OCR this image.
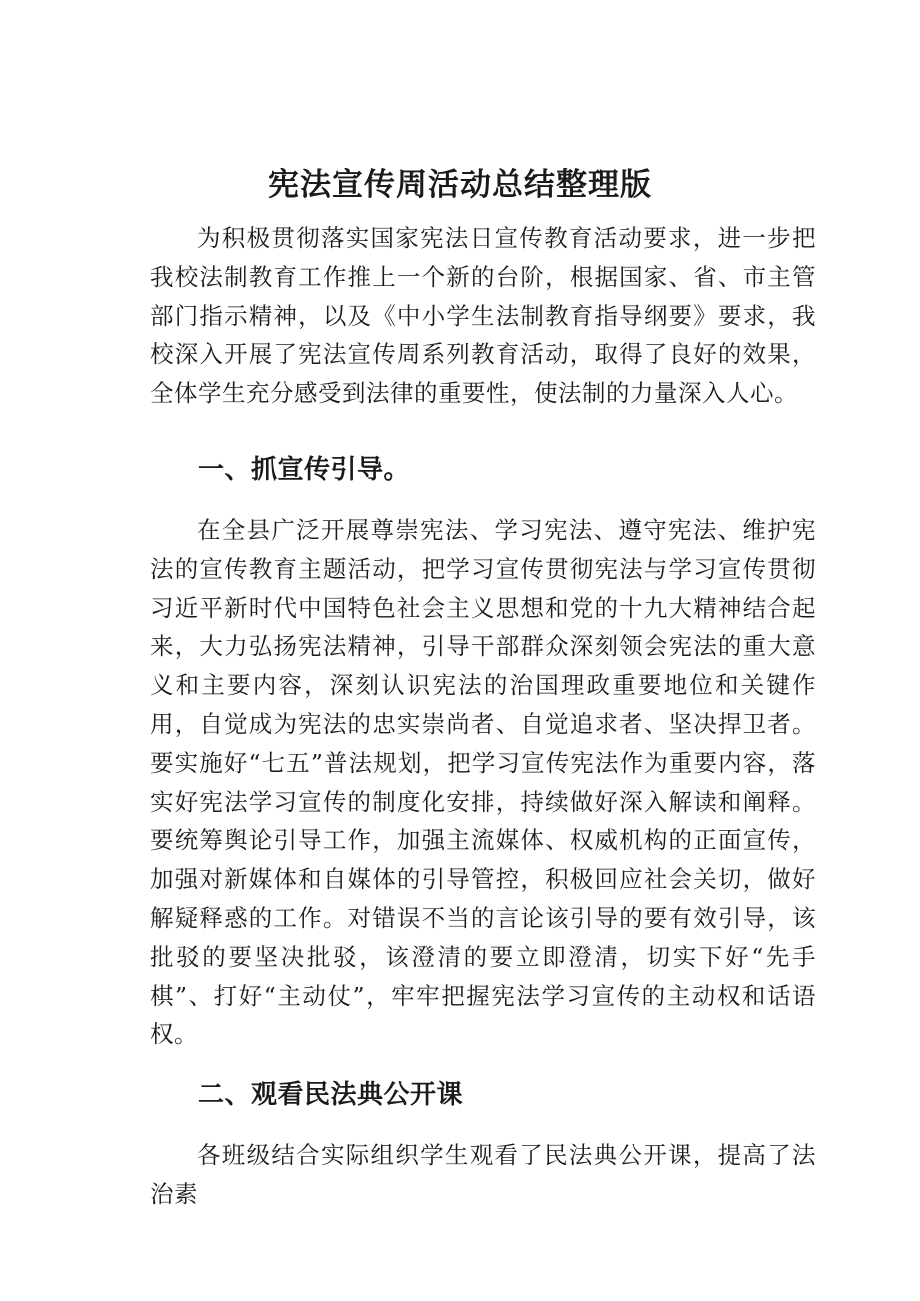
宪法宣传周活动总结整理版

为积极贯彻落实国家宪法日宣传教育活动要求，进一步把我校法制教育工作推上一个新的台阶，根据国家、省、市主管部门指示精神，以及《中小学生法制教育指导纲要》要求，我校深入开展了宪法宣传周系列教育活动，取得了良好的效果，全体学生充分感受到法律的重要性，使法制的力量深入人心。

一、抓宣传引导。

在全县广泛开展尊崇宪法、学习宪法、遵守宪法、维护宪法的宣传教育主题活动，把学习宣传贯彻宪法与学习宣传贯彻习近平新时代中国特色社会主义思想和党的十九大精神结合起来，大力弘扬宪法精神，引导干部群众深刻领会宪法的重大意义和主要内容，深刻认识宪法的治国理政重要地位和关键作用，自觉成为宪法的忠实崇尚者、自觉追求者、坚决捍卫者。要实施好“七五”普法规划，把学习宣传宪法作为重要内容，落实好宪法学习宣传的制度化安排，持续做好深入解读和阐释。要统筹舆论引导工作，加强主流媒体、权威机构的正面宣传，加强对新媒体和自媒体的引导管控，积极回应社会关切，做好解疑释惑的工作。对错误不当的言论该引导的要有效引导，该批驳的要坚决批驳，该澄清的要立即澄清，切实下好“先手棋”、打好“主动仗”，牢牢把握宪法学习宣传的主动权和话语权。

二、观看民法典公开课

各班级结合实际组织学生观看了民法典公开课，提高了法治素
